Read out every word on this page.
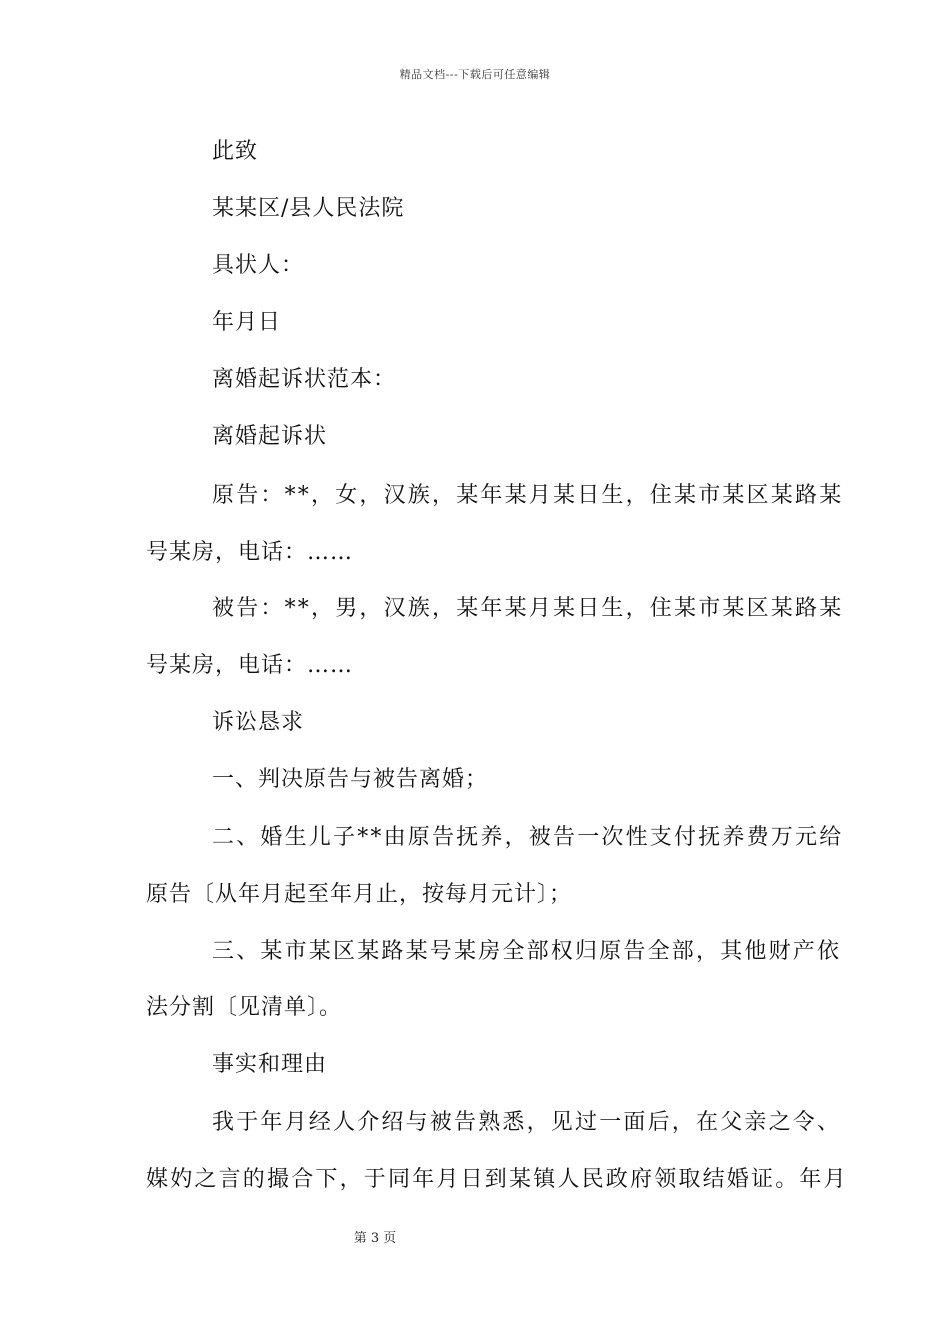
精品文档---下载后可任意编辑
此致
某某区/县人民法院
具状人：
年月日
离婚起诉状范本：
离婚起诉状
原告：**，女，汉族，某年某月某日生，住某市某区某路某
号某房，电话：……
被告：**，男，汉族，某年某月某日生，住某市某区某路某
号某房，电话：……
诉讼恳求
一、判决原告与被告离婚；
二、婚生儿子**由原告抚养，被告一次性支付抚养费万元给
原告〔从年月起至年月止，按每月元计〕；
三、某市某区某路某号某房全部权归原告全部，其他财产依
法分割〔见清单〕。
事实和理由
我于年月经人介绍与被告熟悉，见过一面后，在父亲之令、
媒妁之言的撮合下，于同年月日到某镇人民政府领取结婚证。年月
第 3 页
